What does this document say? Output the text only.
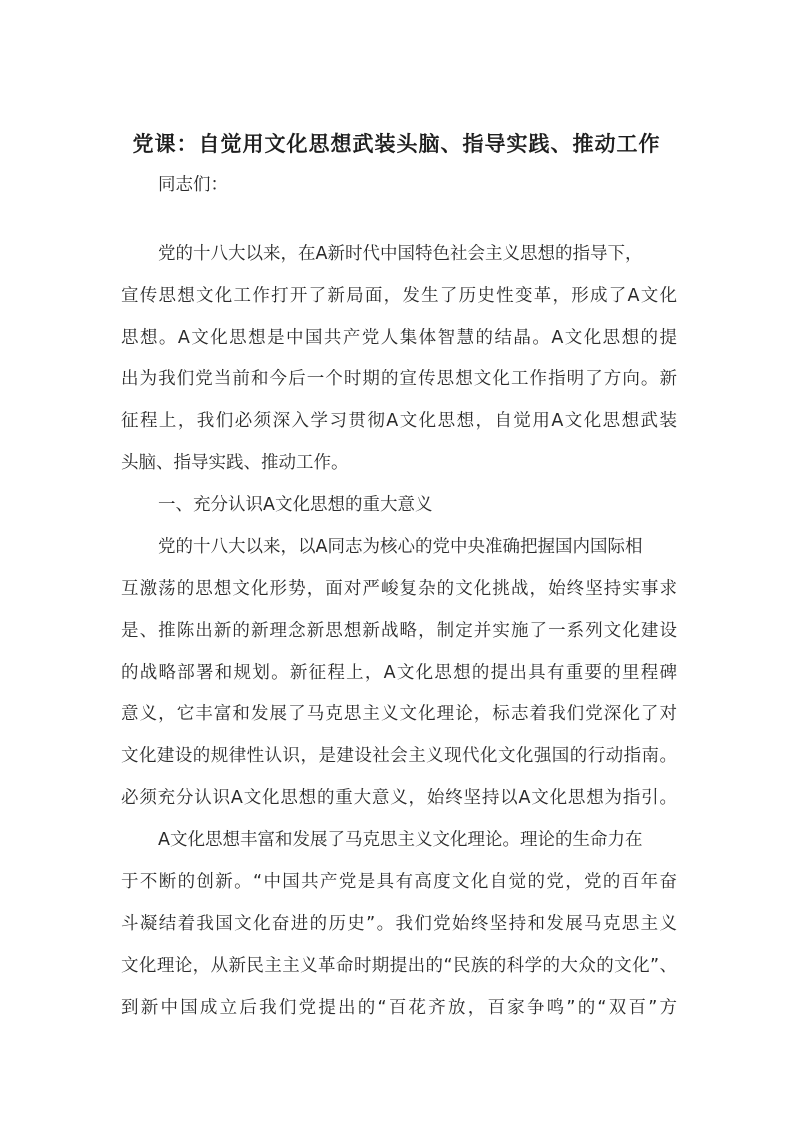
党课：自觉用文化思想武装头脑、指导实践、推动工作
同志们：
党的十八大以来，在A新时代中国特色社会主义思想的指导下，
宣传思想文化工作打开了新局面，发生了历史性变革，形成了A文化
思想。A文化思想是中国共产党人集体智慧的结晶。A文化思想的提
出为我们党当前和今后一个时期的宣传思想文化工作指明了方向。新
征程上，我们必须深入学习贯彻A文化思想，自觉用A文化思想武装
头脑、指导实践、推动工作。
一、充分认识A文化思想的重大意义
党的十八大以来，以A同志为核心的党中央准确把握国内国际相
互激荡的思想文化形势，面对严峻复杂的文化挑战，始终坚持实事求
是、推陈出新的新理念新思想新战略，制定并实施了一系列文化建设
的战略部署和规划。新征程上，A文化思想的提出具有重要的里程碑
意义，它丰富和发展了马克思主义文化理论，标志着我们党深化了对
文化建设的规律性认识，是建设社会主义现代化文化强国的行动指南。
必须充分认识A文化思想的重大意义，始终坚持以A文化思想为指引。
A文化思想丰富和发展了马克思主义文化理论。理论的生命力在
于不断的创新。“中国共产党是具有高度文化自觉的党，党的百年奋
斗凝结着我国文化奋进的历史”。我们党始终坚持和发展马克思主义
文化理论，从新民主主义革命时期提出的“民族的科学的大众的文化”、
到新中国成立后我们党提出的“百花齐放，百家争鸣”的“双百”方
